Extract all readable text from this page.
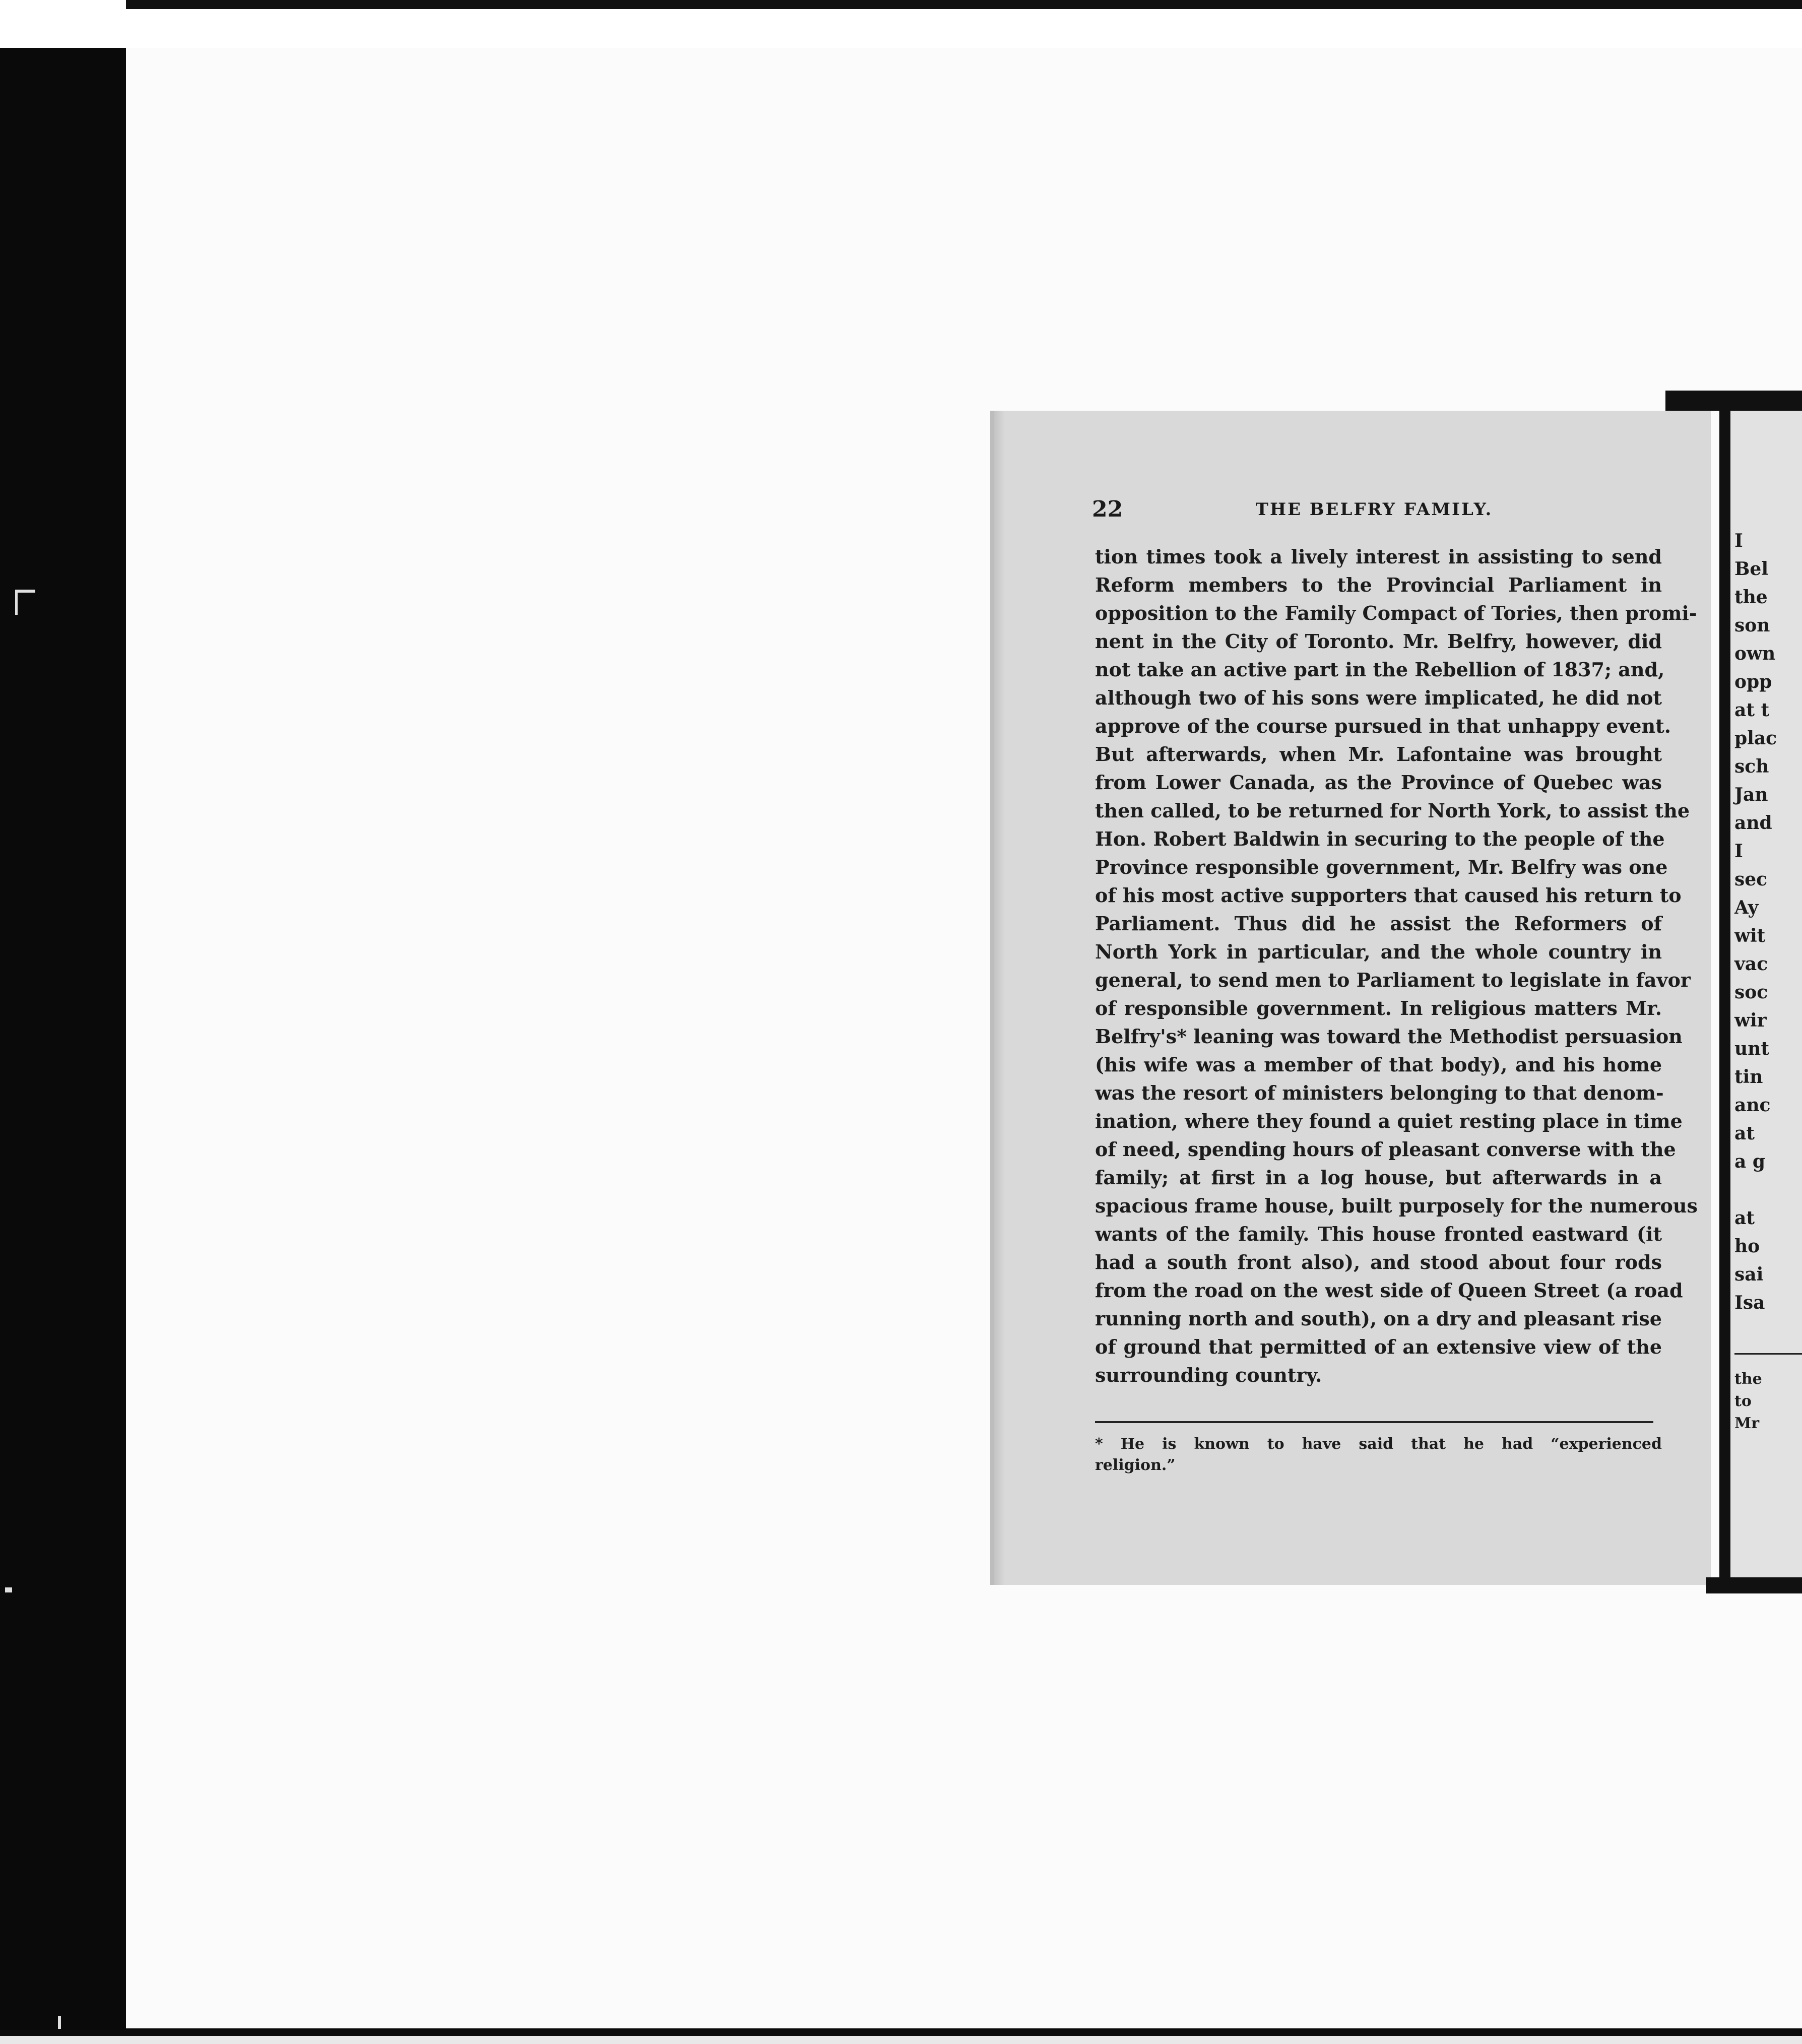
22	THE BELFRY FAMILY.
tion times took a lively interest in assisting to send
Reform members to the Provincial Parliament in
opposition to the Family Compact of Tories, then promi-
nent in the City of Toronto. Mr. Belfry, however, did
not take an active part in the Rebellion of 1837; and,
although two of his sons were implicated, he did not
approve of the course pursued in that unhappy event.
But afterwards, when Mr. Lafontaine was brought
from Lower Canada, as the Province of Quebec was
then called, to be returned for North York, to assist the
Hon. Robert Baldwin in securing to the people of the
Province responsible government, Mr. Belfry was one
of his most active supporters that caused his return to
Parliament. Thus did he assist the Reformers of
North York in particular, and the whole country in
general, to send men to Parliament to legislate in favor
of responsible government. In religious matters Mr.
Belfry's* leaning was toward the Methodist persuasion
(his wife was a member of that body), and his home
was the resort of ministers belonging to that denom-
ination, where they found a quiet resting place in time
of need, spending hours of pleasant converse with the
family; at first in a log house, but afterwards in a
spacious frame house, built purposely for the numerous
wants of the family. This house fronted eastward (it
had a south front also), and stood about four rods
from the road on the west side of Queen Street (a road
running north and south), on a dry and pleasant rise
of ground that permitted of an extensive view of the
surrounding country.
* He is known to have said that he had “experienced
religion.”
I
Bel
the
son
own
opp
at t
plac
sch
Jan
and
I
sec
Ay
wit
vac
soc
wir
unt
tin
anc
at
a g
at
ho
sai
Isa
the
to
Mr
